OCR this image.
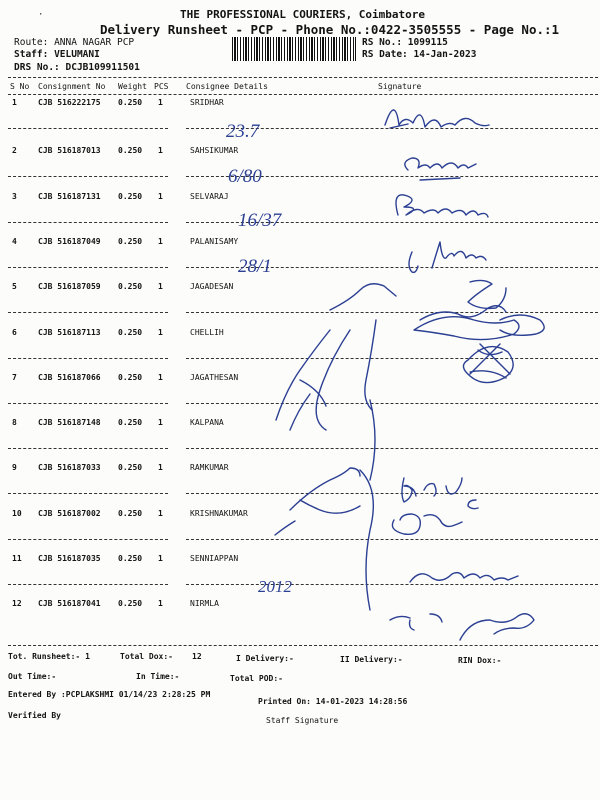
·	THE PROFESSIONAL COURIERS, Coimbatore
Delivery Runsheet - PCP - Phone No.:0422-3505555 - Page No.:1
Route: ANNA NAGAR PCP
Staff: VELUMANI
DRS No.: DCJB109911501
RS No.: 1099115
RS Date: 14-Jan-2023
S No Consignment No Weight PCS Consignee Details	Signature
1	CJB 516222175 0.250 1	SRIDHAR
2	CJB 516187013 0.250 1	SAHSIKUMAR
3	CJB 516187131 0.250 1	SELVARAJ
4	CJB 516187049 0.250 1	PALANISAMY
5	CJB 516187059 0.250 1	JAGADESAN
6	CJB 516187113 0.250 1	CHELLIH
7	CJB 516187066 0.250 1	JAGATHESAN
8	CJB 516187148 0.250 1	KALPANA
9	CJB 516187033 0.250 1	RAMKUMAR
10 CJB 516187002 0.250 1	KRISHNAKUMAR
11 CJB 516187035 0.250 1	SENNIAPPAN
12 CJB 516187041 0.250 1	NIRMLA
Tot. Runsheet:- 1	Total Dox:- 12	I Delivery:-	II Delivery:-	RIN Dox:-
Out Time:-	In Time:-	Total POD:-
Entered By :PCPLAKSHMI 01/14/23 2:28:25 PM
Printed On: 14-01-2023 14:28:56
Verified By
Staff Signature
23.7
6/80
16/37
28/1
2012
